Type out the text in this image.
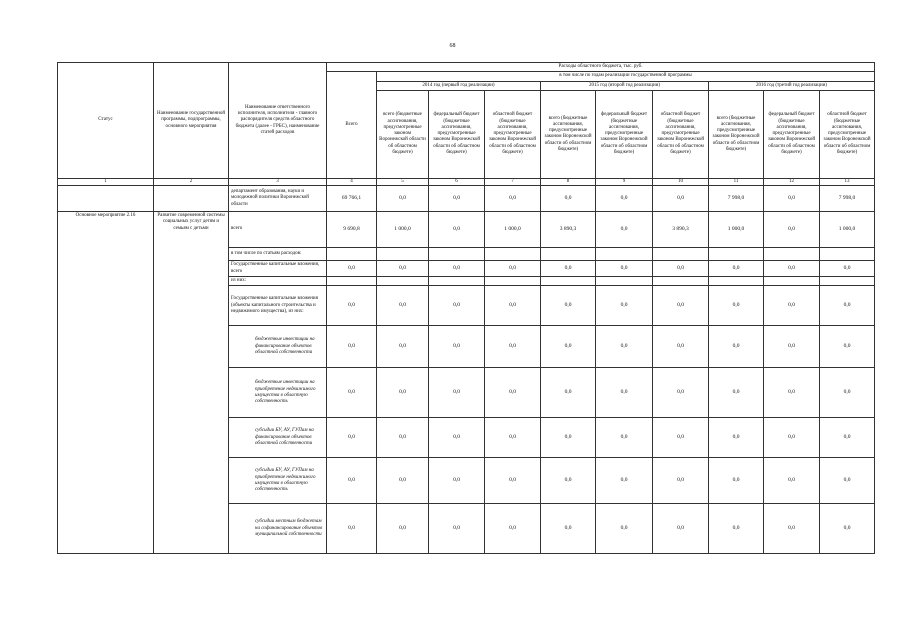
68
Статус	Наименование государственной программы, подпрограммы, основного мероприятия	Наименование ответственного исполнителя, исполнителя - главного распорядителя средств областного бюджета (далее - ГРБС), наименование статей расходов	Расходы областного бюджета, тыс. руб.									
			Всего	в том числе по годам реализации государственной программы								
				2014 год (первый год реализации)			2015 год (второй год реализации)			2016 год (третий год реализации)		
				всего (бюджетные ассигнования, предусмотренные законом Воронежской области об областном бюджете)	федеральный бюджет (бюджетные ассигнования, предусмотренные законом Воронежской области об областном бюджете)	областной бюджет (бюджетные ассигнования, предусмотренные законом Воронежской области об областном бюджете)	всего (бюджетные ассигнования, предусмотренные законом Воронежской области об областном бюджете)	федеральный бюджет (бюджетные ассигнования, предусмотренные законом Воронежской области об областном бюджете)	областной бюджет (бюджетные ассигнования, предусмотренные законом Воронежской области об областном бюджете)	всего (бюджетные ассигнования, предусмотренные законом Воронежской области об областном бюджете)	федеральный бюджет (бюджетные ассигнования, предусмотренные законом Воронежской области об областном бюджете)	областной бюджет (бюджетные ассигнования, предусмотренные законом Воронежской области об областном бюджете)
1	2	3	4	5	6	7	8	9	10	11	12	13
		департамент образования, науки и молодежной политики Воронежской области	69 766,1	0,0	0,0	0,0	0,0	0,0	0,0	7 998,0	0,0	7 998,0
Основное мероприятие 2.16	Развитие современной системы социальных услуг детям и семьям с детьми	всего	9 690,8	1 000,0	0,0	1 000,0	3 890,3	0,0	3 890,3	1 000,0	0,0	1 000,0
		в том числе по статьям расходов:										
		Государственные капитальные вложения, всего	0,0	0,0	0,0	0,0	0,0	0,0	0,0	0,0	0,0	0,0
		из них:										
		Государственные капитальные вложения (объекты капитального строительства и недвижимого имущества), из них:	0,0	0,0	0,0	0,0	0,0	0,0	0,0	0,0	0,0	0,0
		бюджетные инвестиции на финансирование объектов областной собственности	0,0	0,0	0,0	0,0	0,0	0,0	0,0	0,0	0,0	0,0
		бюджетные инвестиции на приобретение недвижимого имущества в областную собственность	0,0	0,0	0,0	0,0	0,0	0,0	0,0	0,0	0,0	0,0
		субсидии БУ, АУ, ГУПам на финансирование объектов областной собственности	0,0	0,0	0,0	0,0	0,0	0,0	0,0	0,0	0,0	0,0
		субсидии БУ, АУ, ГУПам на приобретение недвижимого имущества в областную собственность	0,0	0,0	0,0	0,0	0,0	0,0	0,0	0,0	0,0	0,0
		субсидии местным бюджетам на софинансирование объектов муниципальной собственности	0,0	0,0	0,0	0,0	0,0	0,0	0,0	0,0	0,0	0,0
